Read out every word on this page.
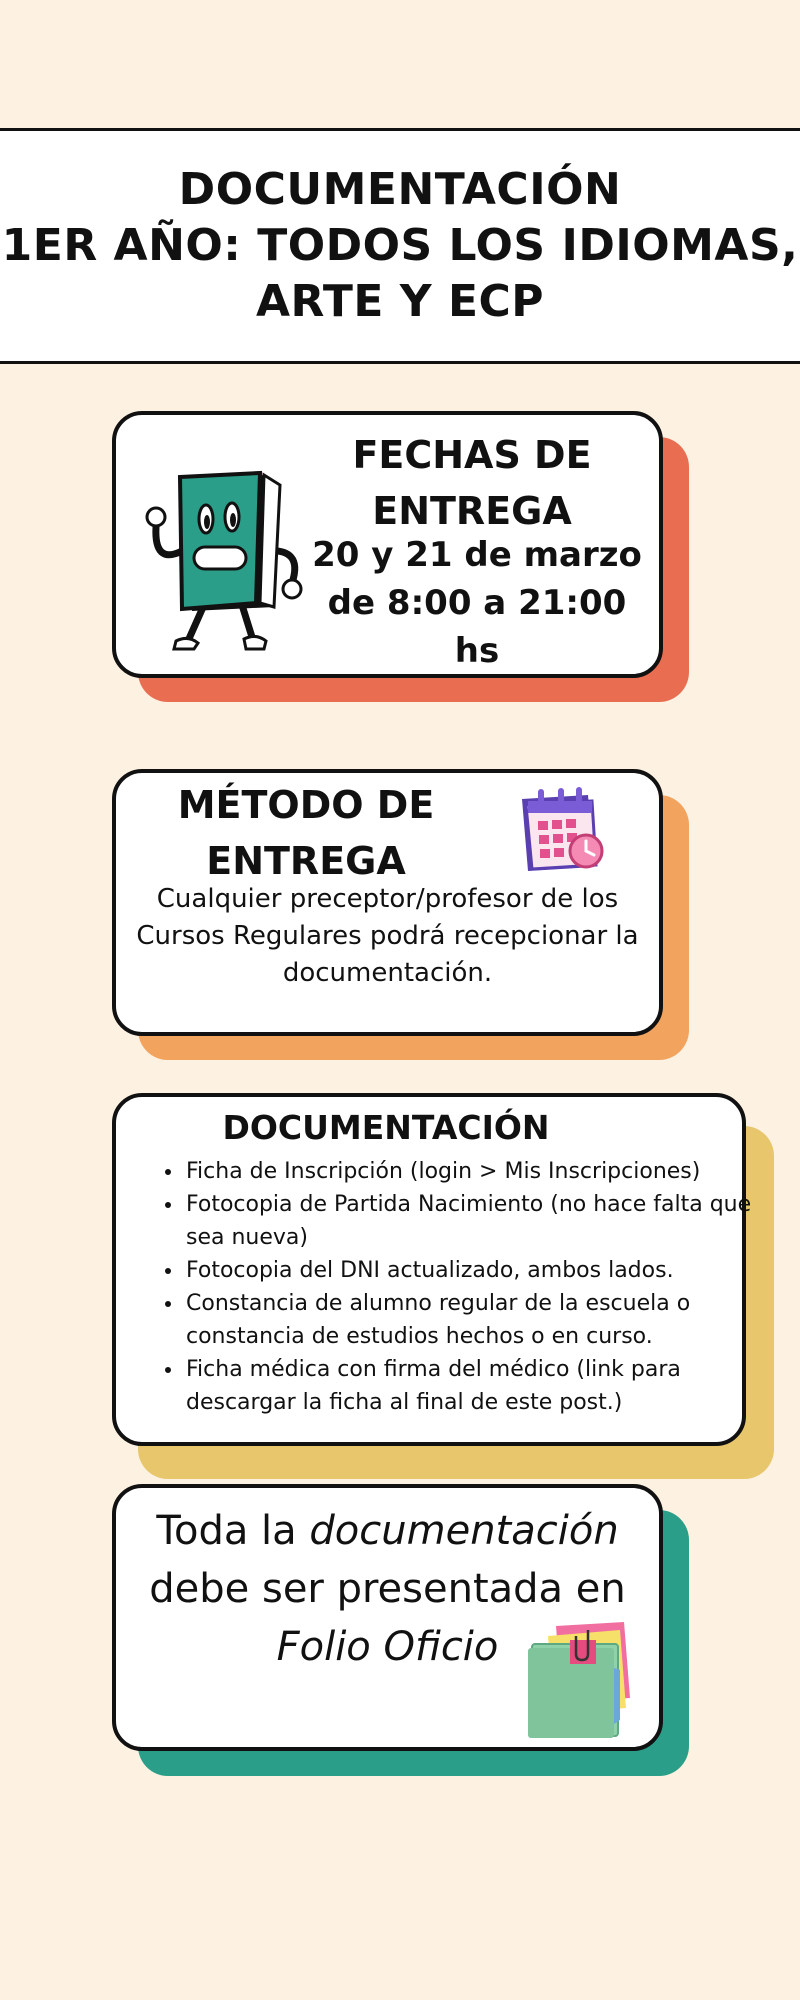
DOCUMENTACIÓN
1ER AÑO: TODOS LOS IDIOMAS,
ARTE Y ECP
FECHAS DE
ENTREGA
20 y 21 de marzo
de 8:00 a 21:00
hs
MÉTODO DE
ENTREGA
Cualquier preceptor/profesor de los
Cursos Regulares podrá recepcionar la
documentación.
DOCUMENTACIÓN
• Ficha de Inscripción (login > Mis Inscripciones)
• Fotocopia de Partida Nacimiento (no hace falta que sea nueva)
• Fotocopia del DNI actualizado, ambos lados.
• Constancia de alumno regular de la escuela o constancia de estudios hechos o en curso.
• Ficha médica con firma del médico (link para descargar la ficha al final de este post.)
Toda la documentación
debe ser presentada en
Folio Oficio
